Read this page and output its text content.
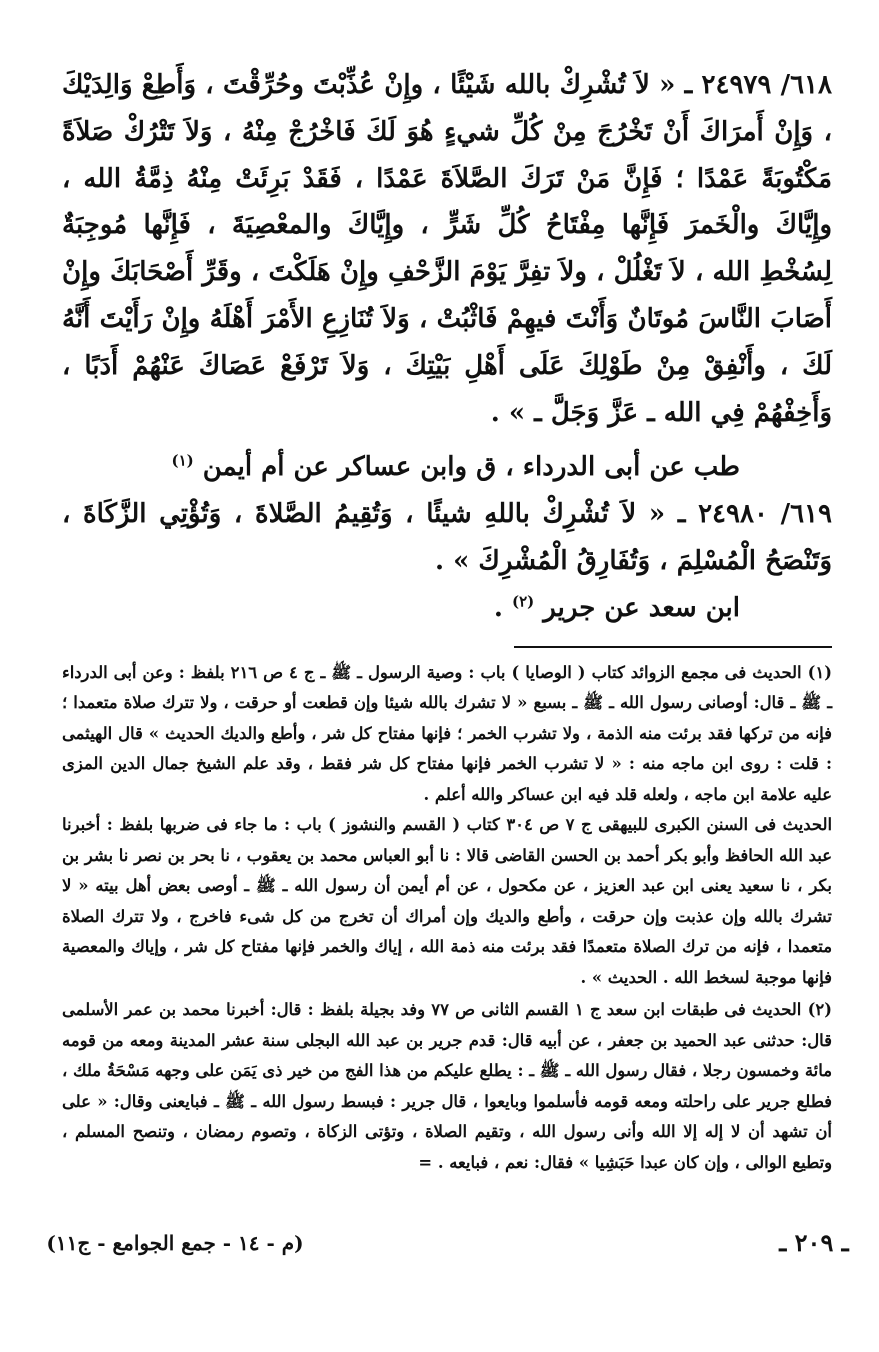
٦١٨/ ٢٤٩٧٩ ـ « لاَ تُشْرِكْ بالله شَيْئًا ، وإِنْ عُذِّبْتَ وحُرِّقْتَ ، وَأَطِعْ وَالِدَيْكَ ، وَإِنْ أَمرَاكَ أَنْ تَخْرُجَ مِنْ كُلِّ شيءٍ هُوَ لَكَ فَاخْرُجْ مِنْهُ ، وَلاَ تَتْرُكْ صَلاَةً مَكْتُوبَةً عَمْدًا ؛ فَإِنَّ مَنْ تَرَكَ الصَّلاَةَ عَمْدًا ، فَقَدْ بَرِئَتْ مِنْهُ ذِمَّةُ الله ، وإِيَّاكَ والْخَمرَ فَإِنَّها مِفْتَاحُ كُلِّ شَرٍّ ، وإِيَّاكَ والمعْصِيَةَ ، فَإِنَّها مُوجِبَةٌ لِسُخْطِ الله ، لاَ تَغْلُلْ ، ولاَ تفِرَّ يَوْمَ الزَّحْفِ وإِنْ هَلَكْتَ ، وقَرِّ أَصْحَابَكَ وإِنْ أَصَابَ النَّاسَ مُوتَانٌ وَأَنْتَ فيهِمْ فَاثْبُتْ ، وَلاَ تُنَازِعِ الأَمْرَ أَهْلَهُ وإِنْ رَأَيْتَ أَنَّهُ لَكَ ، وأَنْفِقْ مِنْ طَوْلِكَ عَلَى أَهْلِ بَيْتِكَ ، وَلاَ تَرْفَعْ عَصَاكَ عَنْهُمْ أَدَبًا ، وَأَخِفْهُمْ فِي الله ـ عَزَّ وَجَلَّ ـ » .

طب عن أبى الدرداء ، ق وابن عساكر عن أم أيمن $^{(١)}$

٦١٩/ ٢٤٩٨٠ ـ « لاَ تُشْرِكْ باللهِ شيئًا ، وَتُقِيمُ الصَّلاةَ ، وَتُؤْتِي الزَّكَاةَ ، وَتَنْصَحُ الْمُسْلِمَ ، وَتُفَارِقُ الْمُشْرِكَ » .

ابن سعد عن جرير $^{(٢)}$ .

(١) الحديث فى مجمع الزوائد كتاب ( الوصايا ) باب : وصية الرسول ـ ﷺ ـ ج ٤ ص ٢١٦ بلفظ : وعن أبى الدرداء ـ ﷺ ـ قال: أوصانى رسول الله ـ ﷺ ـ بسبع « لا تشرك بالله شيئا وإن قطعت أو حرقت ، ولا تترك صلاة متعمدا ؛ فإنه من تركها فقد برئت منه الذمة ، ولا تشرب الخمر ؛ فإنها مفتاح كل شر ، وأطع والديك الحديث » قال الهيثمى : قلت : روى ابن ماجه منه : « لا تشرب الخمر فإنها مفتاح كل شر فقط ، وقد علم الشيخ جمال الدين المزى عليه علامة ابن ماجه ، ولعله قلد فيه ابن عساكر والله أعلم .

الحديث فى السنن الكبرى للبيهقى ج ٧ ص ٣٠٤ كتاب ( القسم والنشوز ) باب : ما جاء فى ضربها بلفظ : أخبرنا عبد الله الحافظ وأبو بكر أحمد بن الحسن القاضى قالا : نا أبو العباس محمد بن يعقوب ، نا بحر بن نصر نا بشر بن بكر ، نا سعيد يعنى ابن عبد العزيز ، عن مكحول ، عن أم أيمن أن رسول الله ـ ﷺ ـ أوصى بعض أهل بيته « لا تشرك بالله وإن عذبت وإن حرقت ، وأطع والديك وإن أمراك أن تخرج من كل شىء فاخرج ، ولا تترك الصلاة متعمدا ، فإنه من ترك الصلاة متعمدًا فقد برئت منه ذمة الله ، إياك والخمر فإنها مفتاح كل شر ، وإياك والمعصية فإنها موجبة لسخط الله . الحديث » .

(٢) الحديث فى طبقات ابن سعد ج ١ القسم الثانى ص ٧٧ وفد بجيلة بلفظ : قال: أخبرنا محمد بن عمر الأسلمى قال: حدثنى عبد الحميد بن جعفر ، عن أبيه قال: قدم جرير بن عبد الله البجلى سنة عشر المدينة ومعه من قومه مائة وخمسون رجلا ، فقال رسول الله ـ ﷺ ـ : يطلع عليكم من هذا الفج من خير ذى يَمَن على وجهه مَسْحَةُ ملك ، فطلع جرير على راحلته ومعه قومه فأسلموا وبايعوا ، قال جرير : فبسط رسول الله ـ ﷺ ـ فبايعنى وقال: « على أن تشهد أن لا إله إلا الله وأنى رسول الله ، وتقيم الصلاة ، وتؤتى الزكاة ، وتصوم رمضان ، وتنصح المسلم ، وتطيع الوالى ، وإن كان عبدا حَبَشِيا » فقال: نعم ، فبايعه . =

ـ ٢٠٩ ـ
(م - ١٤ - جمع الجوامع - ج١١)
